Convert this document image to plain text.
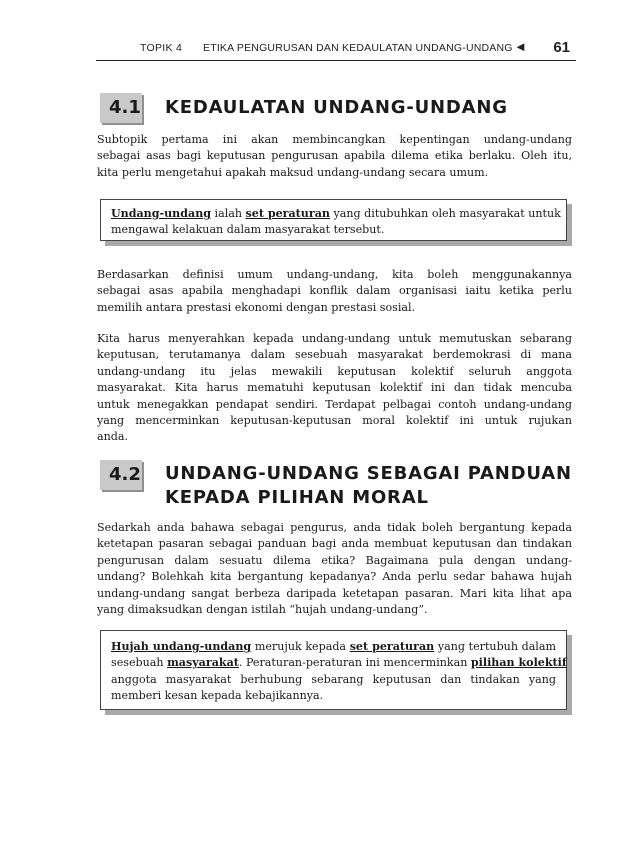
TOPIK 4 ETIKA PENGURUSAN DAN KEDAULATAN UNDANG-UNDANG ◄ 61
4.1 KEDAULATAN UNDANG-UNDANG
Subtopik pertama ini akan membincangkan kepentingan undang-undang
sebagai asas bagi keputusan pengurusan apabila dilema etika berlaku. Oleh itu,
kita perlu mengetahui apakah maksud undang-undang secara umum.
Undang-undang ialah set peraturan yang ditubuhkan oleh masyarakat untuk
mengawal kelakuan dalam masyarakat tersebut.
Berdasarkan definisi umum undang-undang, kita boleh menggunakannya
sebagai asas apabila menghadapi konflik dalam organisasi iaitu ketika perlu
memilih antara prestasi ekonomi dengan prestasi sosial.
Kita harus menyerahkan kepada undang-undang untuk memutuskan sebarang
keputusan, terutamanya dalam sesebuah masyarakat berdemokrasi di mana
undang-undang itu jelas mewakili keputusan kolektif seluruh anggota
masyarakat. Kita harus mematuhi keputusan kolektif ini dan tidak mencuba
untuk menegakkan pendapat sendiri. Terdapat pelbagai contoh undang-undang
yang mencerminkan keputusan-keputusan moral kolektif ini untuk rujukan
anda.
4.2 UNDANG-UNDANG SEBAGAI PANDUAN
KEPADA PILIHAN MORAL
Sedarkah anda bahawa sebagai pengurus, anda tidak boleh bergantung kepada
ketetapan pasaran sebagai panduan bagi anda membuat keputusan dan tindakan
pengurusan dalam sesuatu dilema etika? Bagaimana pula dengan undang-
undang? Bolehkah kita bergantung kepadanya? Anda perlu sedar bahawa hujah
undang-undang sangat berbeza daripada ketetapan pasaran. Mari kita lihat apa
yang dimaksudkan dengan istilah “hujah undang-undang”.
Hujah undang-undang merujuk kepada set peraturan yang tertubuh dalam
sesebuah masyarakat. Peraturan-peraturan ini mencerminkan pilihan kolektif
anggota masyarakat berhubung sebarang keputusan dan tindakan yang
memberi kesan kepada kebajikannya.
